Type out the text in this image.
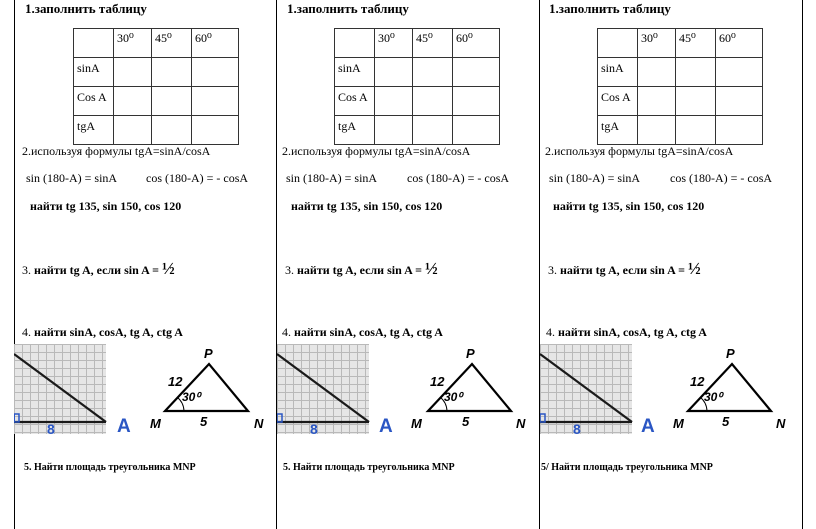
1.заполнить таблицу
	30⁰	45⁰	60⁰
sinA			
Cos A			
tgA			
2.используя формулы tgA=sinA/cosA
sin (180-A) = sinA cos (180-A) = - cosA
найти tg 135, sin 150, cos 120
3. найти tg A, если sin A = ½
4. найти sinA, cosA, tg A, ctg A
8	A
P
12
30⁰
M	5	N
5. Найти площадь треугольника MNP
1.заполнить таблицу
	30⁰	45⁰	60⁰
sinA			
Cos A			
tgA			
2.используя формулы tgA=sinA/cosA
sin (180-A) = sinA cos (180-A) = - cosA
найти tg 135, sin 150, cos 120
3. найти tg A, если sin A = ½
4. найти sinA, cosA, tg A, ctg A
8	A
P
12
30⁰
M	5	N
5. Найти площадь треугольника MNP
1.заполнить таблицу
	30⁰	45⁰	60⁰
sinA			
Cos A			
tgA			
2.используя формулы tgA=sinA/cosA
sin (180-A) = sinA cos (180-A) = - cosA
найти tg 135, sin 150, cos 120
3. найти tg A, если sin A = ½
4. найти sinA, cosA, tg A, ctg A
8	A
P
12
30⁰
M	5	N
5/ Найти площадь треугольника MNP
